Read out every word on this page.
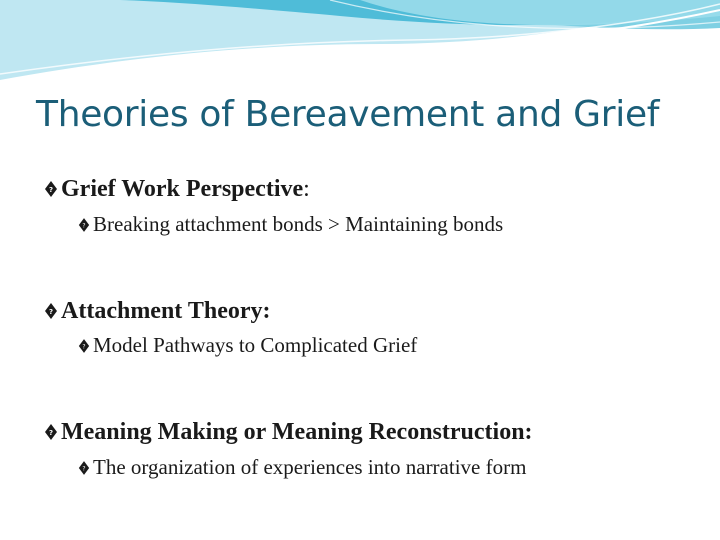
Theories of Bereavement and Grief
? Grief Work Perspective:
? Breaking attachment bonds > Maintaining bonds
? Attachment Theory:
? Model Pathways to Complicated Grief
? Meaning Making or Meaning Reconstruction:
? The organization of experiences into narrative form
